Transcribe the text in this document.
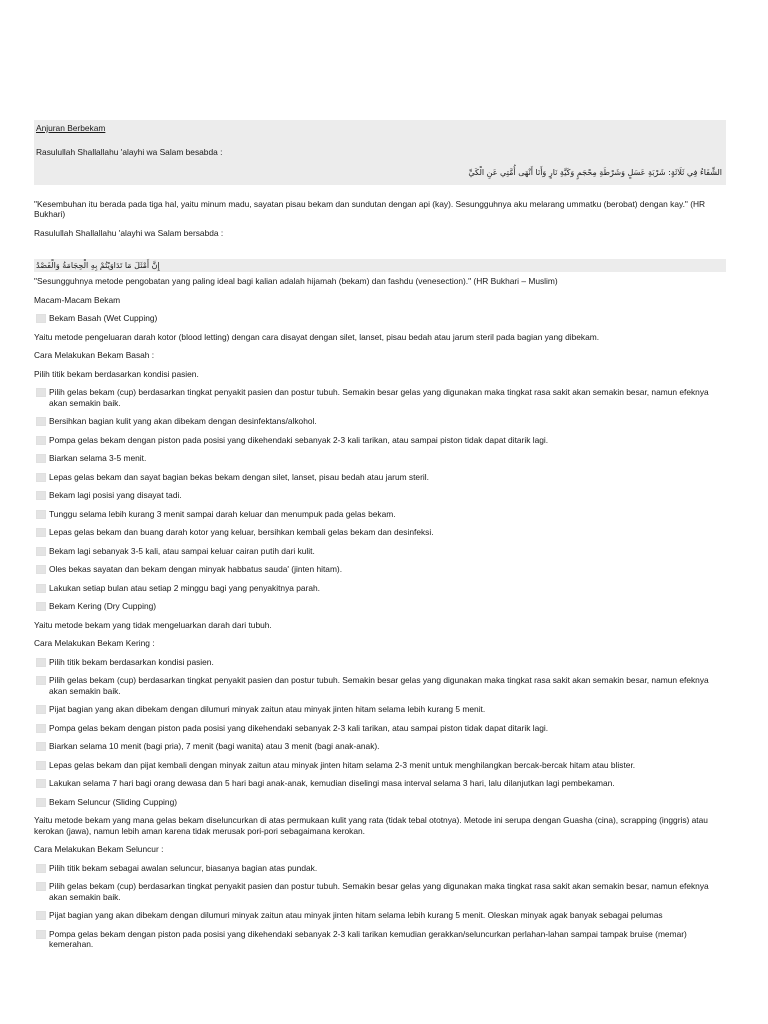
Anjuran Berbekam

Rasulullah Shallallahu 'alayhi wa Salam besabda :

الشِّفَاءُ فِي ثَلَاثَةٍ: شَرْبَةِ عَسَلٍ وَشَرْطَةِ مِحْجَمٍ وَكَيَّةِ نَارٍ وَأَنَا أَنْهَى أُمَّتِي عَنِ الْكَيِّ

"Kesembuhan itu berada pada tiga hal, yaitu minum madu, sayatan pisau bekam dan sundutan dengan api (kay). Sesungguhnya aku melarang ummatku (berobat) dengan kay." (HR Bukhari)

Rasulullah Shallallahu 'alayhi wa Salam bersabda :

إِنَّ أَمْثَلَ مَا تَدَاوَيْتُمْ بِهِ الْحِجَامَةُ وَالْفَصْدُ

"Sesungguhnya metode pengobatan yang paling ideal bagi kalian adalah hijamah (bekam) dan fashdu (venesection)." (HR Bukhari – Muslim)

Macam-Macam Bekam

Bekam Basah (Wet Cupping)

Yaitu metode pengeluaran darah kotor (blood letting) dengan cara disayat dengan silet, lanset, pisau bedah atau jarum steril pada bagian yang dibekam.

Cara Melakukan Bekam Basah :

Pilih titik bekam berdasarkan kondisi pasien.

Pilih gelas bekam (cup) berdasarkan tingkat penyakit pasien dan postur tubuh. Semakin besar gelas yang digunakan maka tingkat rasa sakit akan semakin besar, namun efeknya akan semakin baik.
Bersihkan bagian kulit yang akan dibekam dengan desinfektans/alkohol.
Pompa gelas bekam dengan piston pada posisi yang dikehendaki sebanyak 2-3 kali tarikan, atau sampai piston tidak dapat ditarik lagi.
Biarkan selama 3-5 menit.
Lepas gelas bekam dan sayat bagian bekas bekam dengan silet, lanset, pisau bedah atau jarum steril.
Bekam lagi posisi yang disayat tadi.
Tunggu selama lebih kurang 3 menit sampai darah keluar dan menumpuk pada gelas bekam.
Lepas gelas bekam dan buang darah kotor yang keluar, bersihkan kembali gelas bekam dan desinfeksi.
Bekam lagi sebanyak 3-5 kali, atau sampai keluar cairan putih dari kulit.
Oles bekas sayatan dan bekam dengan minyak habbatus sauda' (jinten hitam).
Lakukan setiap bulan atau setiap 2 minggu bagi yang penyakitnya parah.
Bekam Kering (Dry Cupping)

Yaitu metode bekam yang tidak mengeluarkan darah dari tubuh.

Cara Melakukan Bekam Kering :

Pilih titik bekam berdasarkan kondisi pasien.
Pilih gelas bekam (cup) berdasarkan tingkat penyakit pasien dan postur tubuh. Semakin besar gelas yang digunakan maka tingkat rasa sakit akan semakin besar, namun efeknya akan semakin baik.
Pijat bagian yang akan dibekam dengan dilumuri minyak zaitun atau minyak jinten hitam selama lebih kurang 5 menit.
Pompa gelas bekam dengan piston pada posisi yang dikehendaki sebanyak 2-3 kali tarikan, atau sampai piston tidak dapat ditarik lagi.
Biarkan selama 10 menit (bagi pria), 7 menit (bagi wanita) atau 3 menit (bagi anak-anak).
Lepas gelas bekam dan pijat kembali dengan minyak zaitun atau minyak jinten hitam selama 2-3 menit untuk menghilangkan bercak-bercak hitam atau blister.
Lakukan selama 7 hari bagi orang dewasa dan 5 hari bagi anak-anak, kemudian diselingi masa interval selama 3 hari, lalu dilanjutkan lagi pembekaman.
Bekam Seluncur (Sliding Cupping)

Yaitu metode bekam yang mana gelas bekam diseluncurkan di atas permukaan kulit yang rata (tidak tebal ototnya). Metode ini serupa dengan Guasha (cina), scrapping (inggris) atau kerokan (jawa), namun lebih aman karena tidak merusak pori-pori sebagaimana kerokan.

Cara Melakukan Bekam Seluncur :

Pilih titik bekam sebagai awalan seluncur, biasanya bagian atas pundak.
Pilih gelas bekam (cup) berdasarkan tingkat penyakit pasien dan postur tubuh. Semakin besar gelas yang digunakan maka tingkat rasa sakit akan semakin besar, namun efeknya akan semakin baik.
Pijat bagian yang akan dibekam dengan dilumuri minyak zaitun atau minyak jinten hitam selama lebih kurang 5 menit. Oleskan minyak agak banyak sebagai pelumas
Pompa gelas bekam dengan piston pada posisi yang dikehendaki sebanyak 2-3 kali tarikan kemudian gerakkan/seluncurkan perlahan-lahan sampai tampak bruise (memar) kemerahan.
